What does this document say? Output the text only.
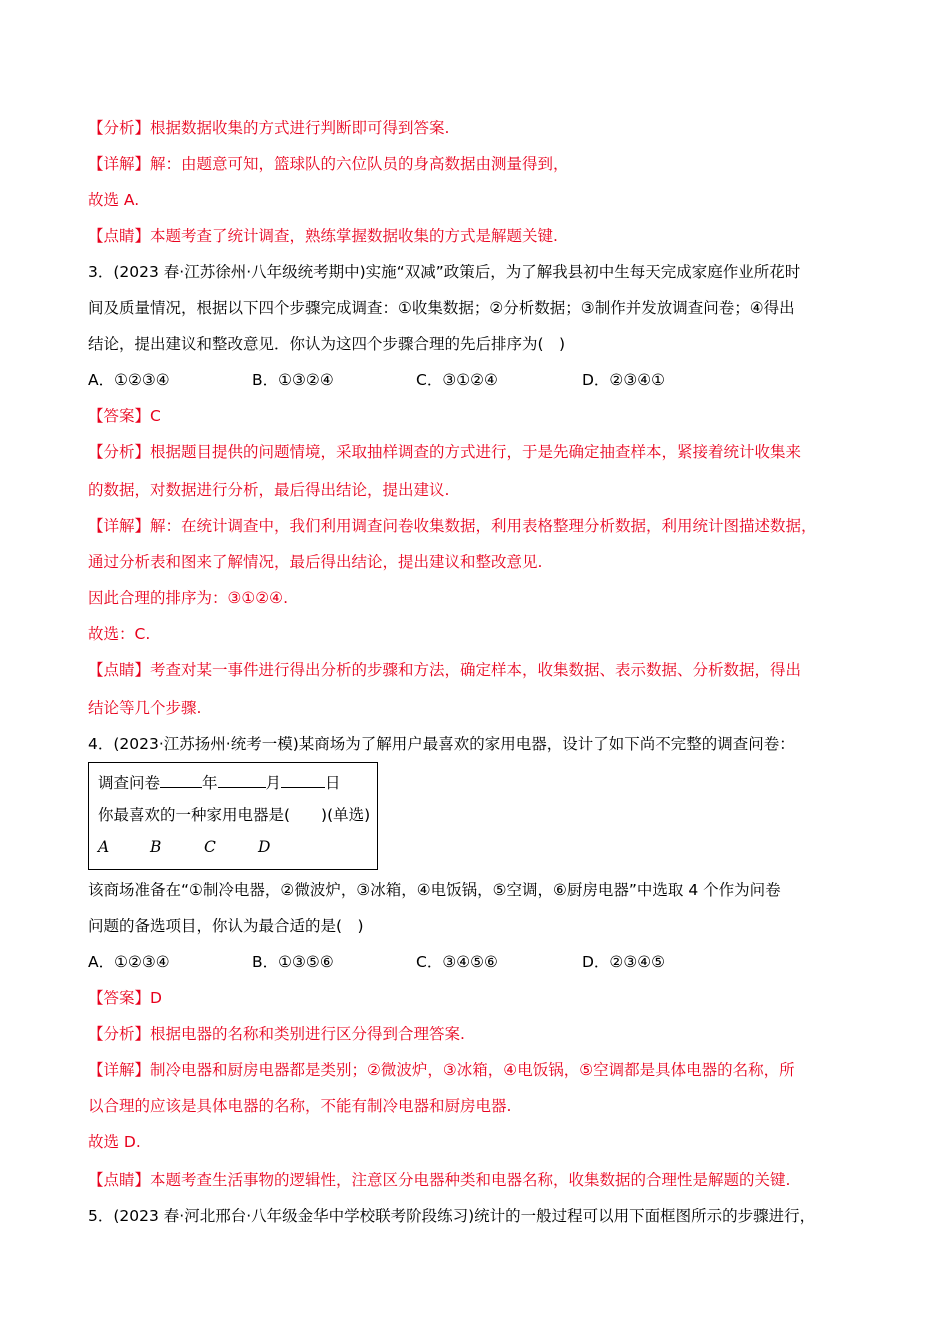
【分析】根据数据收集的方式进行判断即可得到答案.
【详解】解：由题意可知，篮球队的六位队员的身高数据由测量得到，
故选 A.
【点睛】本题考查了统计调查，熟练掌握数据收集的方式是解题关键.
3．(2023 春·江苏徐州·八年级统考期中)实施“双减”政策后，为了解我县初中生每天完成家庭作业所花时
间及质量情况，根据以下四个步骤完成调查：①收集数据；②分析数据；③制作并发放调查问卷；④得出
结论，提出建议和整改意见．你认为这四个步骤合理的先后排序为(　)
A．①②③④	B．①③②④	C．③①②④	D．②③④①
【答案】C
【分析】根据题目提供的问题情境，采取抽样调查的方式进行，于是先确定抽查样本，紧接着统计收集来
的数据，对数据进行分析，最后得出结论，提出建议.
【详解】解：在统计调查中，我们利用调查问卷收集数据，利用表格整理分析数据，利用统计图描述数据，
通过分析表和图来了解情况，最后得出结论，提出建议和整改意见.
因此合理的排序为：③①②④.
故选：C.
【点睛】考查对某一事件进行得出分析的步骤和方法，确定样本，收集数据、表示数据、分析数据，得出
结论等几个步骤.
4．(2023·江苏扬州·统考一模)某商场为了解用户最喜欢的家用电器，设计了如下尚不完整的调查问卷：
调查问卷	年	月	日
你最喜欢的一种家用电器是(　　)(单选)
A	B	C	D
该商场准备在“①制冷电器，②微波炉，③冰箱，④电饭锅，⑤空调，⑥厨房电器”中选取 4 个作为问卷
问题的备选项目，你认为最合适的是(　)
A．①②③④	B．①③⑤⑥	C．③④⑤⑥	D．②③④⑤
【答案】D
【分析】根据电器的名称和类别进行区分得到合理答案.
【详解】制冷电器和厨房电器都是类别；②微波炉，③冰箱，④电饭锅，⑤空调都是具体电器的名称，所
以合理的应该是具体电器的名称，不能有制冷电器和厨房电器.
故选 D.
【点睛】本题考查生活事物的逻辑性，注意区分电器种类和电器名称，收集数据的合理性是解题的关键.
5．(2023 春·河北邢台·八年级金华中学校联考阶段练习)统计的一般过程可以用下面框图所示的步骤进行，
